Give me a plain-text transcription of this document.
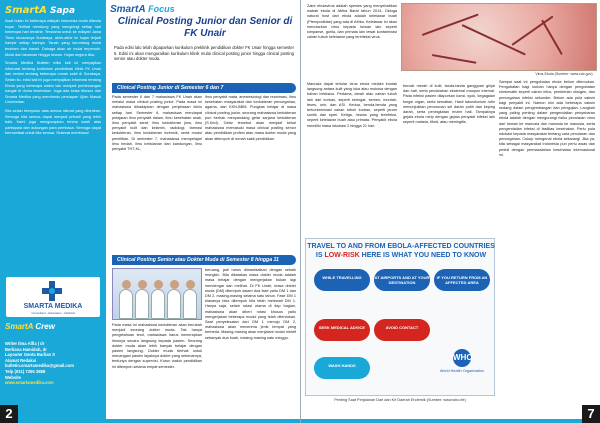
SmartA Sapa

Awal bulan ini beberapa wilayah Indonesia mulai dilanda hujan. Terlihat mendung yang mengiringi setiap hari beberapa hari terakhir. Terutama untuk ke wilayah Jawa Timur khususnya Surabaya, akhir-akhir ini hujan terjadi hampir setiap harinya. Tanah yang kerontang mulai tersiram dan basah. Dahaga akan air mulai terpenuhi. Mulai dari tanaman hingga hewan. Hujan segera tiba.

Smarta Medika Bulletin edisi kali ini menyajikan informasi tentang kurikulum pendidikan klinik FK Unair dan review tentang beberapa rumah sakit di Surabaya. Selain itu, edisi kali ini juga menyajikan informasi tentang Ebola yang beberapa waktu lalu menjadi perbincangan hangat di dunia kesehatan. Juga ada kelas khusus dari Smarta Medika yang membantu persiapan Ujian Masuk Universitas.

Kita selalu bersyukur atas semua nikmat yang diberikan. Semoga kita semua dapat menjadi pribadi yang lebih baik. Kami juga mengucapkan terima kasih atas partisipasi dan dukungan para pembaca. Semoga dapat bermanfaat untuk kita semua. Selamat membaca!

SMARTA MEDIKA
Consultant - Education - Medical
SmartA Crew
Writer Ilma Alfia | dr
Berliana Hamidah, dr
Layouter Genta Barlian S
Alamat Redaksi
bulletin.smartamedika@gmail.com
Telp (031) 7255 3888
Website
www.smartamedika.com
SmartA Focus
Clinical Posting Junior dan Senior di FK Unair
Pada edisi lalu telah dipaparkan kurikulum preklinik pendidikan dokter FK Unair hingga semester 5. Edisi ini akan menguraikan kurikulum klinik mulai clinical posting junior hingga clinical posting senior atau dokter muda.
Clinical Posting Junior di Semester 6 dan 7
Pada semester 6 dan 7 mahasiswa FK Unair akan melalui masa clinical posting junior. Pada masa ini mahasiswa dihadapkan dengan penjelasan klinis setiap hari. Semester 6, mahasiswa mendapat pelajaran ilmu penyakit dalam, ilmu kesehatan anak, ilmu penyakit saraf, ilmu kedokteran jiwa, ilmu penyakit kulit dan kelamin, radiologi, farmasi kedokteran, ilmu kedokteran forensik, serta modul penelitian. Di semester 7, mahasiswa mempelajari ilmu bedah, ilmu kebidanan dan kandungan, ilmu penyakit THT-KL,
ilmu penyakit mata, anestesiologi dan reanimasi, ilmu kesehatan masyarakat dan kedokteran pencegahan, agama, dan KKN-BBM. Pungkas belajar di masa clinical posting junior, seorang mahasiswa kedokteran pun berhak menyandang gelar sarjana kedokteran (S.Ked). Gelar tersebut akan menjadi bekal mahasiswa memasuki masa clinical posting senior atau pendidikan profesi atau masa dokter muda yang akan ditempuh di rumah sakit pendidikan.
Clinical Posting Senior atau Dokter Muda di Semester 8 hingga 11
Pada masa ini mahasiswa kedokteran akan berubah menjadi seorang dokter muda. Tak hanya pengetahuan teori, mahasiswa harus menerapkan ilmunya secara langsung kepada pasien. Seorang dokter muda akan lebih banyak belajar dengan pasien langsung. Dokter muda berhak untuk menangani pasien layaknya dokter yang sebenarnya, tentunya dengan supervisi. Kurun waktu pendidikan ini ditempuh selama empat semester.
beruang, jadi harus dimanfaatkan dengan sebaik mungkin. Bila dikatakan masa dokter muda adalah masa belajar dengan mengerjakan bukan lagi mendengar dan melihat. Di FK Unair, masa dokter muda (DM) ditempuh dalam dua fase yaitu DM 1 dan DM 2, masing-masing selama satu tahun. Fase DM 1 biasanya bisa ditempuh bila telah melewati DM 1. Hanya saja, selain rotasi utama di tiap bagian, mahasiswa akan diberi rotasi khusus yaitu mengerjakan beberapa modul yang telah ditentukan. Saat penyelesaian dari DM 1 menuju DM 2, mahasiswa akan menerima jenis tempat yang berbeda. Masing-masing akan menjalani modul elektif sebanyak dua buah, masing-masing satu minggu.
2
Zaire ebolavirus adalah spesies yang menyebabkan wabah ebola di Afrika Barat tahun 2014. Diduga natural host dari ebola adalah kelelawar buah (Pteropodidae) yang ada di Afrika. Kelelawar ini akan menularkan virus kepada hewan lain seperti simpanse, gorila, dan primata lain lewat kontaminasi cairan tubuh kelelawar yang terinfeksi virus.
Virus Ebola (Sumber: www.cdc.gov)
Manusia dapat tertular virus ebola melalui kontak langsung antara kulit yang luka atau mukosa dengan bahan infeksius. Pertama, darah atau cairan tubuh lain dari korban, seperti keringat, semen, muntah, feses, urin, dan ASI. Kedua, benda-benda yang terkontaminasi cairan tubuh korban, seperti jarum suntik dan sprei. Ketiga, hewan yang terinfeksi, seperti kelelawar buah atau primata. Penyakit ebola memiliki masa inkubasi 2 hingga 21 hari.
bercak merah di kulit, tanda-tanda gangguan ginjal dan hati, serta perdarahan eksternal maupun internal. Pada infeksi pasien dilaporkan konsi, syok, kegagalan fungsi organ, serta kematian. Hasil laboratorium rutin menunjukkan penurunan sel darah putih dan keping darah, serta peningkatan enzim hati. Tampaknya gejala ebola mirip dengan gejala penyakit infeksi lain seperti malaria, tifoid, atau meningitis.
Sampai saat ini pengobatan ebola belum ditemukan. Pengobatan bagi korban hanya dengan pengobatan simtomatik seperti cairan infus, pemberian oksigen, dan pencegahan infeksi sekunder. Belum ada pula vaksin bagi penyakit ini. Namun kini ada beberapa vaksin sedang dalam pengembangan dan pengujian. Langkah yang paling penting dalam pengendalian penyebaran ebola adalah dengan mengurangi risiko penularan virus dari hewan ke manusia dan manusia ke manusia, serta pengendalian infeksi di fasilitas kesehatan. Perlu pula edukasi kepada masyarakat tentang cara penularan dan pencegahan. Cukup mengenal ebola sekarang! Jika ya, kita sebagai masyarakat Indonesia pun perlu awas dan peduli dengan permasalahan kesehatan internasional ini.
TRAVEL TO AND FROM EBOLA-AFFECTED COUNTRIES
IS LOW-RISK HERE IS WHAT YOU NEED TO KNOW
WHILE TRAVELLING	AT AIRPORTS AND AT YOUR DESTINATION
IF YOU RETURN FROM AN AFFECTED AREA
SEEK MEDICAL ADVICE	AVOID CONTACT
WASH HANDS
WHO
World Health Organization
Penting Saat Perjalanan Dari dan Ke Daerah Endemik (Sumber: www.who.int)
7
